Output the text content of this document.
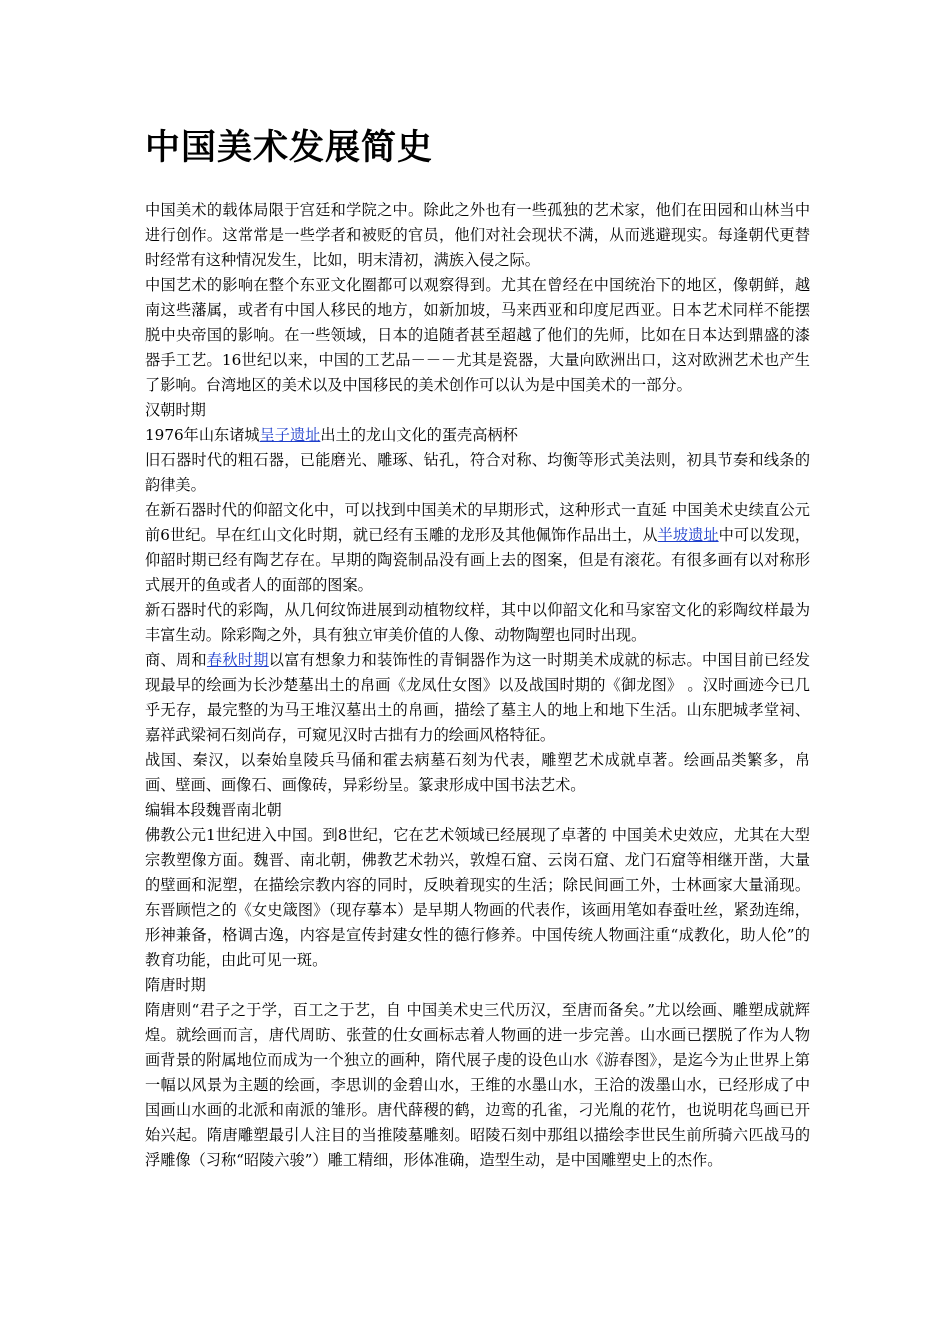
中国美术发展简史

中国美术的载体局限于宫廷和学院之中。除此之外也有一些孤独的艺术家，他们在田园和山林当中进行创作。这常常是一些学者和被贬的官员，他们对社会现状不满，从而逃避现实。每逢朝代更替时经常有这种情况发生，比如，明末清初，满族入侵之际。

中国艺术的影响在整个东亚文化圈都可以观察得到。尤其在曾经在中国统治下的地区，像朝鲜，越南这些藩属，或者有中国人移民的地方，如新加坡，马来西亚和印度尼西亚。日本艺术同样不能摆脱中央帝国的影响。在一些领域，日本的追随者甚至超越了他们的先师，比如在日本达到鼎盛的漆器手工艺。16世纪以来，中国的工艺品－－－尤其是瓷器，大量向欧洲出口，这对欧洲艺术也产生了影响。台湾地区的美术以及中国移民的美术创作可以认为是中国美术的一部分。

汉朝时期

1976年山东诸城呈子遗址出土的龙山文化的蛋壳高柄杯

旧石器时代的粗石器，已能磨光、雕琢、钻孔，符合对称、均衡等形式美法则，初具节奏和线条的韵律美。

在新石器时代的仰韶文化中，可以找到中国美术的早期形式，这种形式一直延 中国美术史续直公元前6世纪。早在红山文化时期，就已经有玉雕的龙形及其他佩饰作品出土，从半坡遗址中可以发现，仰韶时期已经有陶艺存在。早期的陶瓷制品没有画上去的图案，但是有滚花。有很多画有以对称形式展开的鱼或者人的面部的图案。

新石器时代的彩陶，从几何纹饰进展到动植物纹样，其中以仰韶文化和马家窑文化的彩陶纹样最为丰富生动。除彩陶之外，具有独立审美价值的人像、动物陶塑也同时出现。

商、周和春秋时期以富有想象力和装饰性的青铜器作为这一时期美术成就的标志。中国目前已经发现最早的绘画为长沙楚墓出土的帛画《龙凤仕女图》以及战国时期的《御龙图》 。汉时画迹今已几乎无存，最完整的为马王堆汉墓出土的帛画，描绘了墓主人的地上和地下生活。山东肥城孝堂祠、嘉祥武梁祠石刻尚存，可窥见汉时古拙有力的绘画风格特征。

战国、秦汉，以秦始皇陵兵马俑和霍去病墓石刻为代表，雕塑艺术成就卓著。绘画品类繁多，帛画、壁画、画像石、画像砖，异彩纷呈。篆隶形成中国书法艺术。

编辑本段魏晋南北朝

佛教公元1世纪进入中国。到8世纪，它在艺术领域已经展现了卓著的 中国美术史效应，尤其在大型宗教塑像方面。魏晋、南北朝，佛教艺术勃兴，敦煌石窟、云岗石窟、龙门石窟等相继开凿，大量的壁画和泥塑，在描绘宗教内容的同时，反映着现实的生活；除民间画工外，士林画家大量涌现。东晋顾恺之的《女史箴图》（现存摹本）是早期人物画的代表作，该画用笔如春蚕吐丝，紧劲连绵，形神兼备，格调古逸，内容是宣传封建女性的德行修养。中国传统人物画注重“成教化，助人伦”的教育功能，由此可见一斑。

隋唐时期

隋唐则“君子之于学，百工之于艺，自 中国美术史三代历汉，至唐而备矣。”尤以绘画、雕塑成就辉煌。就绘画而言，唐代周昉、张萱的仕女画标志着人物画的进一步完善。山水画已摆脱了作为人物画背景的附属地位而成为一个独立的画种，隋代展子虔的设色山水《游春图》，是迄今为止世界上第一幅以风景为主题的绘画，李思训的金碧山水，王维的水墨山水，王洽的泼墨山水，已经形成了中国画山水画的北派和南派的雏形。唐代薛稷的鹤，边鸾的孔雀，刁光胤的花竹，也说明花鸟画已开始兴起。隋唐雕塑最引人注目的当推陵墓雕刻。昭陵石刻中那组以描绘李世民生前所骑六匹战马的浮雕像（习称“昭陵六骏”）雕工精细，形体准确，造型生动，是中国雕塑史上的杰作。
